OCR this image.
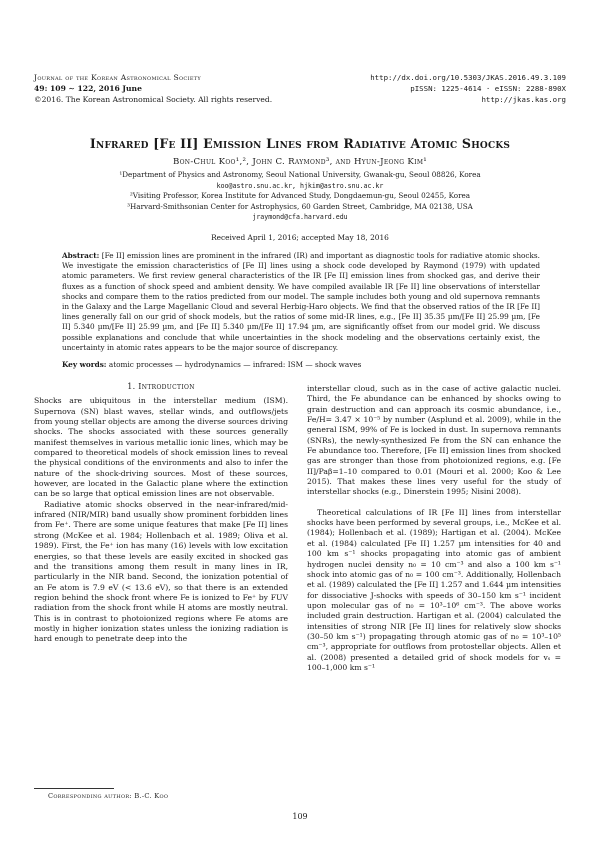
Journal of the Korean Astronomical Society
49: 109 ∼ 122, 2016 June
©2016. The Korean Astronomical Society. All rights reserved.
http://dx.doi.org/10.5303/JKAS.2016.49.3.109
pISSN: 1225-4614 · eISSN: 2288-890X
http://jkas.kas.org
Infrared [Fe II] Emission Lines from Radiative Atomic Shocks
Bon-Chul Koo¹,², John C. Raymond³, and Hyun-Jeong Kim¹
¹Department of Physics and Astronomy, Seoul National University, Gwanak-gu, Seoul 08826, Korea
koo@astro.snu.ac.kr, hjkim@astro.snu.ac.kr
²Visiting Professor, Korea Institute for Advanced Study, Dongdaemun-gu, Seoul 02455, Korea
³Harvard-Smithsonian Center for Astrophysics, 60 Garden Street, Cambridge, MA 02138, USA
jraymond@cfa.harvard.edu
Received April 1, 2016; accepted May 18, 2016
Abstract: [Fe II] emission lines are prominent in the infrared (IR) and important as diagnostic tools for radiative atomic shocks. We investigate the emission characteristics of [Fe II] lines using a shock code developed by Raymond (1979) with updated atomic parameters. We first review general characteristics of the IR [Fe II] emission lines from shocked gas, and derive their fluxes as a function of shock speed and ambient density. We have compiled available IR [Fe II] line observations of interstellar shocks and compare them to the ratios predicted from our model. The sample includes both young and old supernova remnants in the Galaxy and the Large Magellanic Cloud and several Herbig-Haro objects. We find that the observed ratios of the IR [Fe II] lines generally fall on our grid of shock models, but the ratios of some mid-IR lines, e.g., [Fe II] 35.35 µm/[Fe II] 25.99 µm, [Fe II] 5.340 µm/[Fe II] 25.99 µm, and [Fe II] 5.340 µm/[Fe II] 17.94 µm, are significantly offset from our model grid. We discuss possible explanations and conclude that while uncertainties in the shock modeling and the observations certainly exist, the uncertainty in atomic rates appears to be the major source of discrepancy.
Key words: atomic processes — hydrodynamics — infrared: ISM — shock waves
1. Introduction

Shocks are ubiquitous in the interstellar medium (ISM). Supernova (SN) blast waves, stellar winds, and outflows/jets from young stellar objects are among the diverse sources driving shocks. The shocks associated with these sources generally manifest themselves in various metallic ionic lines, which may be compared to theoretical models of shock emission lines to reveal the physical conditions of the environments and also to infer the nature of the shock-driving sources. Most of these sources, however, are located in the Galactic plane where the extinction can be so large that optical emission lines are not observable.

Radiative atomic shocks observed in the near-infrared/mid-infrared (NIR/MIR) band usually show prominent forbidden lines from Fe⁺. There are some unique features that make [Fe II] lines strong (McKee et al. 1984; Hollenbach et al. 1989; Oliva et al. 1989). First, the Fe⁺ ion has many (16) levels with low excitation energies, so that these levels are easily excited in shocked gas and the transitions among them result in many lines in IR, particularly in the NIR band. Second, the ionization potential of an Fe atom is 7.9 eV (< 13.6 eV), so that there is an extended region behind the shock front where Fe is ionized to Fe⁺ by FUV radiation from the shock front while H atoms are mostly neutral. This is in contrast to photoionized regions where Fe atoms are mostly in higher ionization states unless the ionizing radiation is hard enough to penetrate deep into the

interstellar cloud, such as in the case of active galactic nuclei. Third, the Fe abundance can be enhanced by shocks owing to grain destruction and can approach its cosmic abundance, i.e., Fe/H= 3.47 × 10⁻⁵ by number (Asplund et al. 2009), while in the general ISM, 99% of Fe is locked in dust. In supernova remnants (SNRs), the newly-synthesized Fe from the SN can enhance the Fe abundance too. Therefore, [Fe II] emission lines from shocked gas are stronger than those from photoionized regions, e.g. [Fe II]/Paβ=1–10 compared to 0.01 (Mouri et al. 2000; Koo & Lee 2015). That makes these lines very useful for the study of interstellar shocks (e.g., Dinerstein 1995; Nisini 2008).

Theoretical calculations of IR [Fe II] lines from interstellar shocks have been performed by several groups, i.e., McKee et al. (1984); Hollenbach et al. (1989); Hartigan et al. (2004). McKee et al. (1984) calculated [Fe II] 1.257 µm intensities for 40 and 100 km s⁻¹ shocks propagating into atomic gas of ambient hydrogen nuclei density n₀ = 10 cm⁻³ and also a 100 km s⁻¹ shock into atomic gas of n₀ = 100 cm⁻³. Additionally, Hollenbach et al. (1989) calculated the [Fe II] 1.257 and 1.644 µm intensities for dissociative J-shocks with speeds of 30–150 km s⁻¹ incident upon molecular gas of n₀ = 10³–10⁶ cm⁻³. The above works included grain destruction. Hartigan et al. (2004) calculated the intensities of strong NIR [Fe II] lines for relatively slow shocks (30–50 km s⁻¹) propagating through atomic gas of n₀ = 10³–10⁵ cm⁻³, appropriate for outflows from protostellar objects. Allen et al. (2008) presented a detailed grid of shock models for vₛ = 100–1,000 km s⁻¹

Corresponding author: B.-C. Koo
109
